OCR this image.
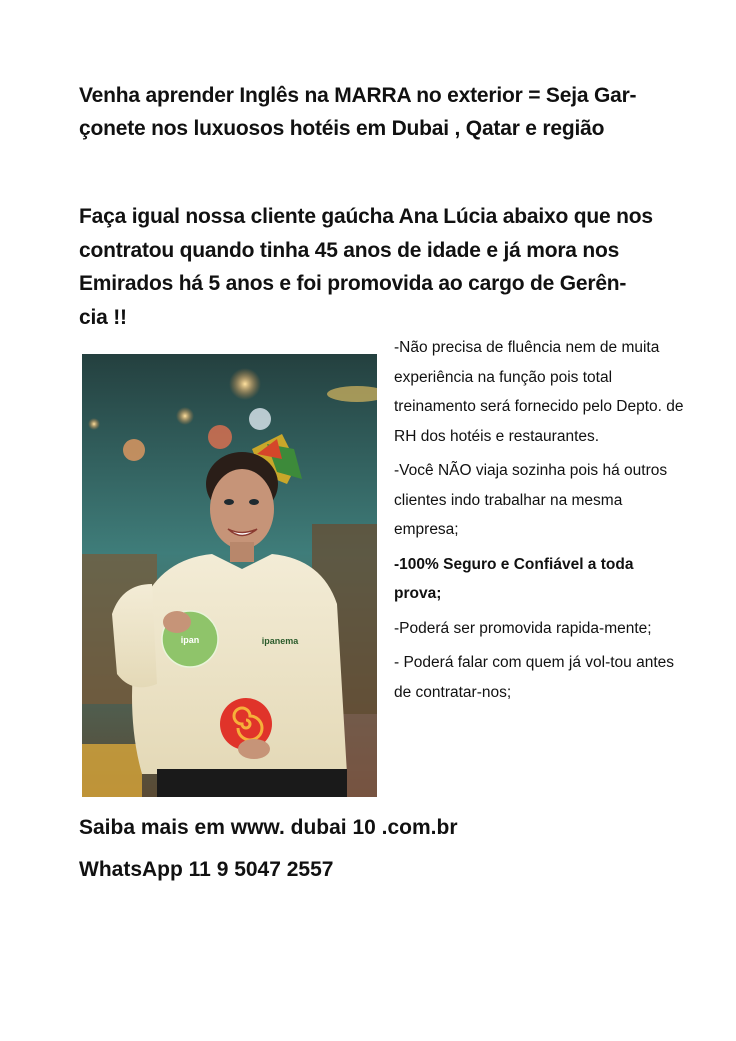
Venha aprender Inglês na MARRA no exterior = Seja Gar-
çonete nos luxuosos hotéis em Dubai , Qatar e região
Faça igual nossa cliente gaúcha Ana Lúcia abaixo que nos
contratou quando tinha 45 anos de idade e já mora nos
Emirados há 5 anos e foi promovida ao cargo de Gerên-
cia !!
ipan	ipanema

-Não precisa de fluência nem de muita experiência na função pois total treinamento será fornecido pelo Depto. de RH dos hotéis e restaurantes.

-Você NÃO viaja sozinha pois há outros clientes indo trabalhar na mesma empresa;

-100% Seguro e Confiável a toda prova;

-Poderá ser promovida rapida-mente;

- Poderá falar com quem já vol-tou antes de contratar-nos;

Saiba mais em www. dubai 10 .com.br
WhatsApp 11 9 5047 2557
